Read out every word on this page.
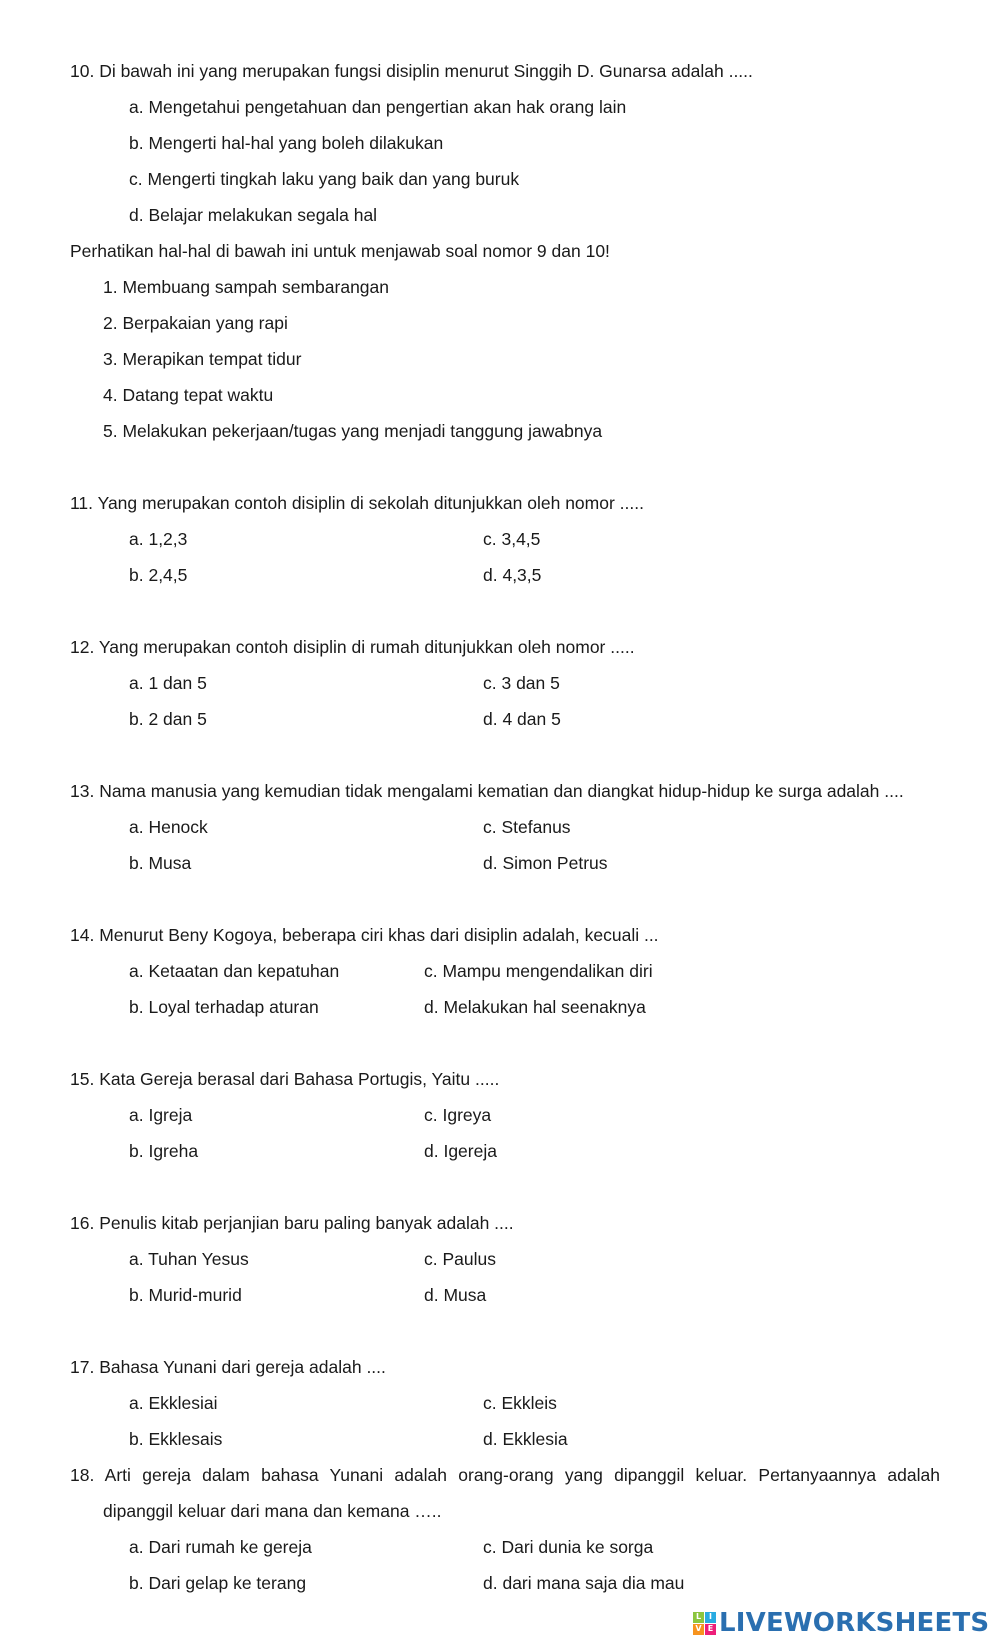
10. Di bawah ini yang merupakan fungsi disiplin menurut Singgih D. Gunarsa adalah .....
a. Mengetahui pengetahuan dan pengertian akan hak orang lain
b. Mengerti hal-hal yang boleh dilakukan
c. Mengerti tingkah laku yang baik dan yang buruk
d. Belajar melakukan segala hal
Perhatikan hal-hal di bawah ini untuk menjawab soal nomor 9 dan 10!
1. Membuang sampah sembarangan
2. Berpakaian yang rapi
3. Merapikan tempat tidur
4. Datang tepat waktu
5. Melakukan pekerjaan/tugas yang menjadi tanggung jawabnya
11. Yang merupakan contoh disiplin di sekolah ditunjukkan oleh nomor .....
a. 1,2,3	c. 3,4,5
b. 2,4,5	d. 4,3,5
12. Yang merupakan contoh disiplin di rumah ditunjukkan oleh nomor .....
a. 1 dan 5	c. 3 dan 5
b. 2 dan 5	d. 4 dan 5
13. Nama manusia yang kemudian tidak mengalami kematian dan diangkat hidup-hidup ke surga adalah ....
a. Henock	c. Stefanus
b. Musa	d. Simon Petrus
14. Menurut Beny Kogoya, beberapa ciri khas dari disiplin adalah, kecuali ...
a. Ketaatan dan kepatuhan	c. Mampu mengendalikan diri
b. Loyal terhadap aturan	d. Melakukan hal seenaknya
15. Kata Gereja berasal dari Bahasa Portugis, Yaitu .....
a. Igreja	c. Igreya
b. Igreha	d. Igereja
16. Penulis kitab perjanjian baru paling banyak adalah ....
a. Tuhan Yesus	c. Paulus
b. Murid-murid	d. Musa
17. Bahasa Yunani dari gereja adalah ....
a. Ekklesiai	c. Ekkleis
b. Ekklesais	d. Ekklesia
18. Arti gereja dalam bahasa Yunani adalah orang-orang yang dipanggil keluar. Pertanyaannya adalah
dipanggil keluar dari mana dan kemana …..
a. Dari rumah ke gereja	c. Dari dunia ke sorga
b. Dari gelap ke terang	d. dari mana saja dia mau
L I
V E LIVEWORKSHEETS
